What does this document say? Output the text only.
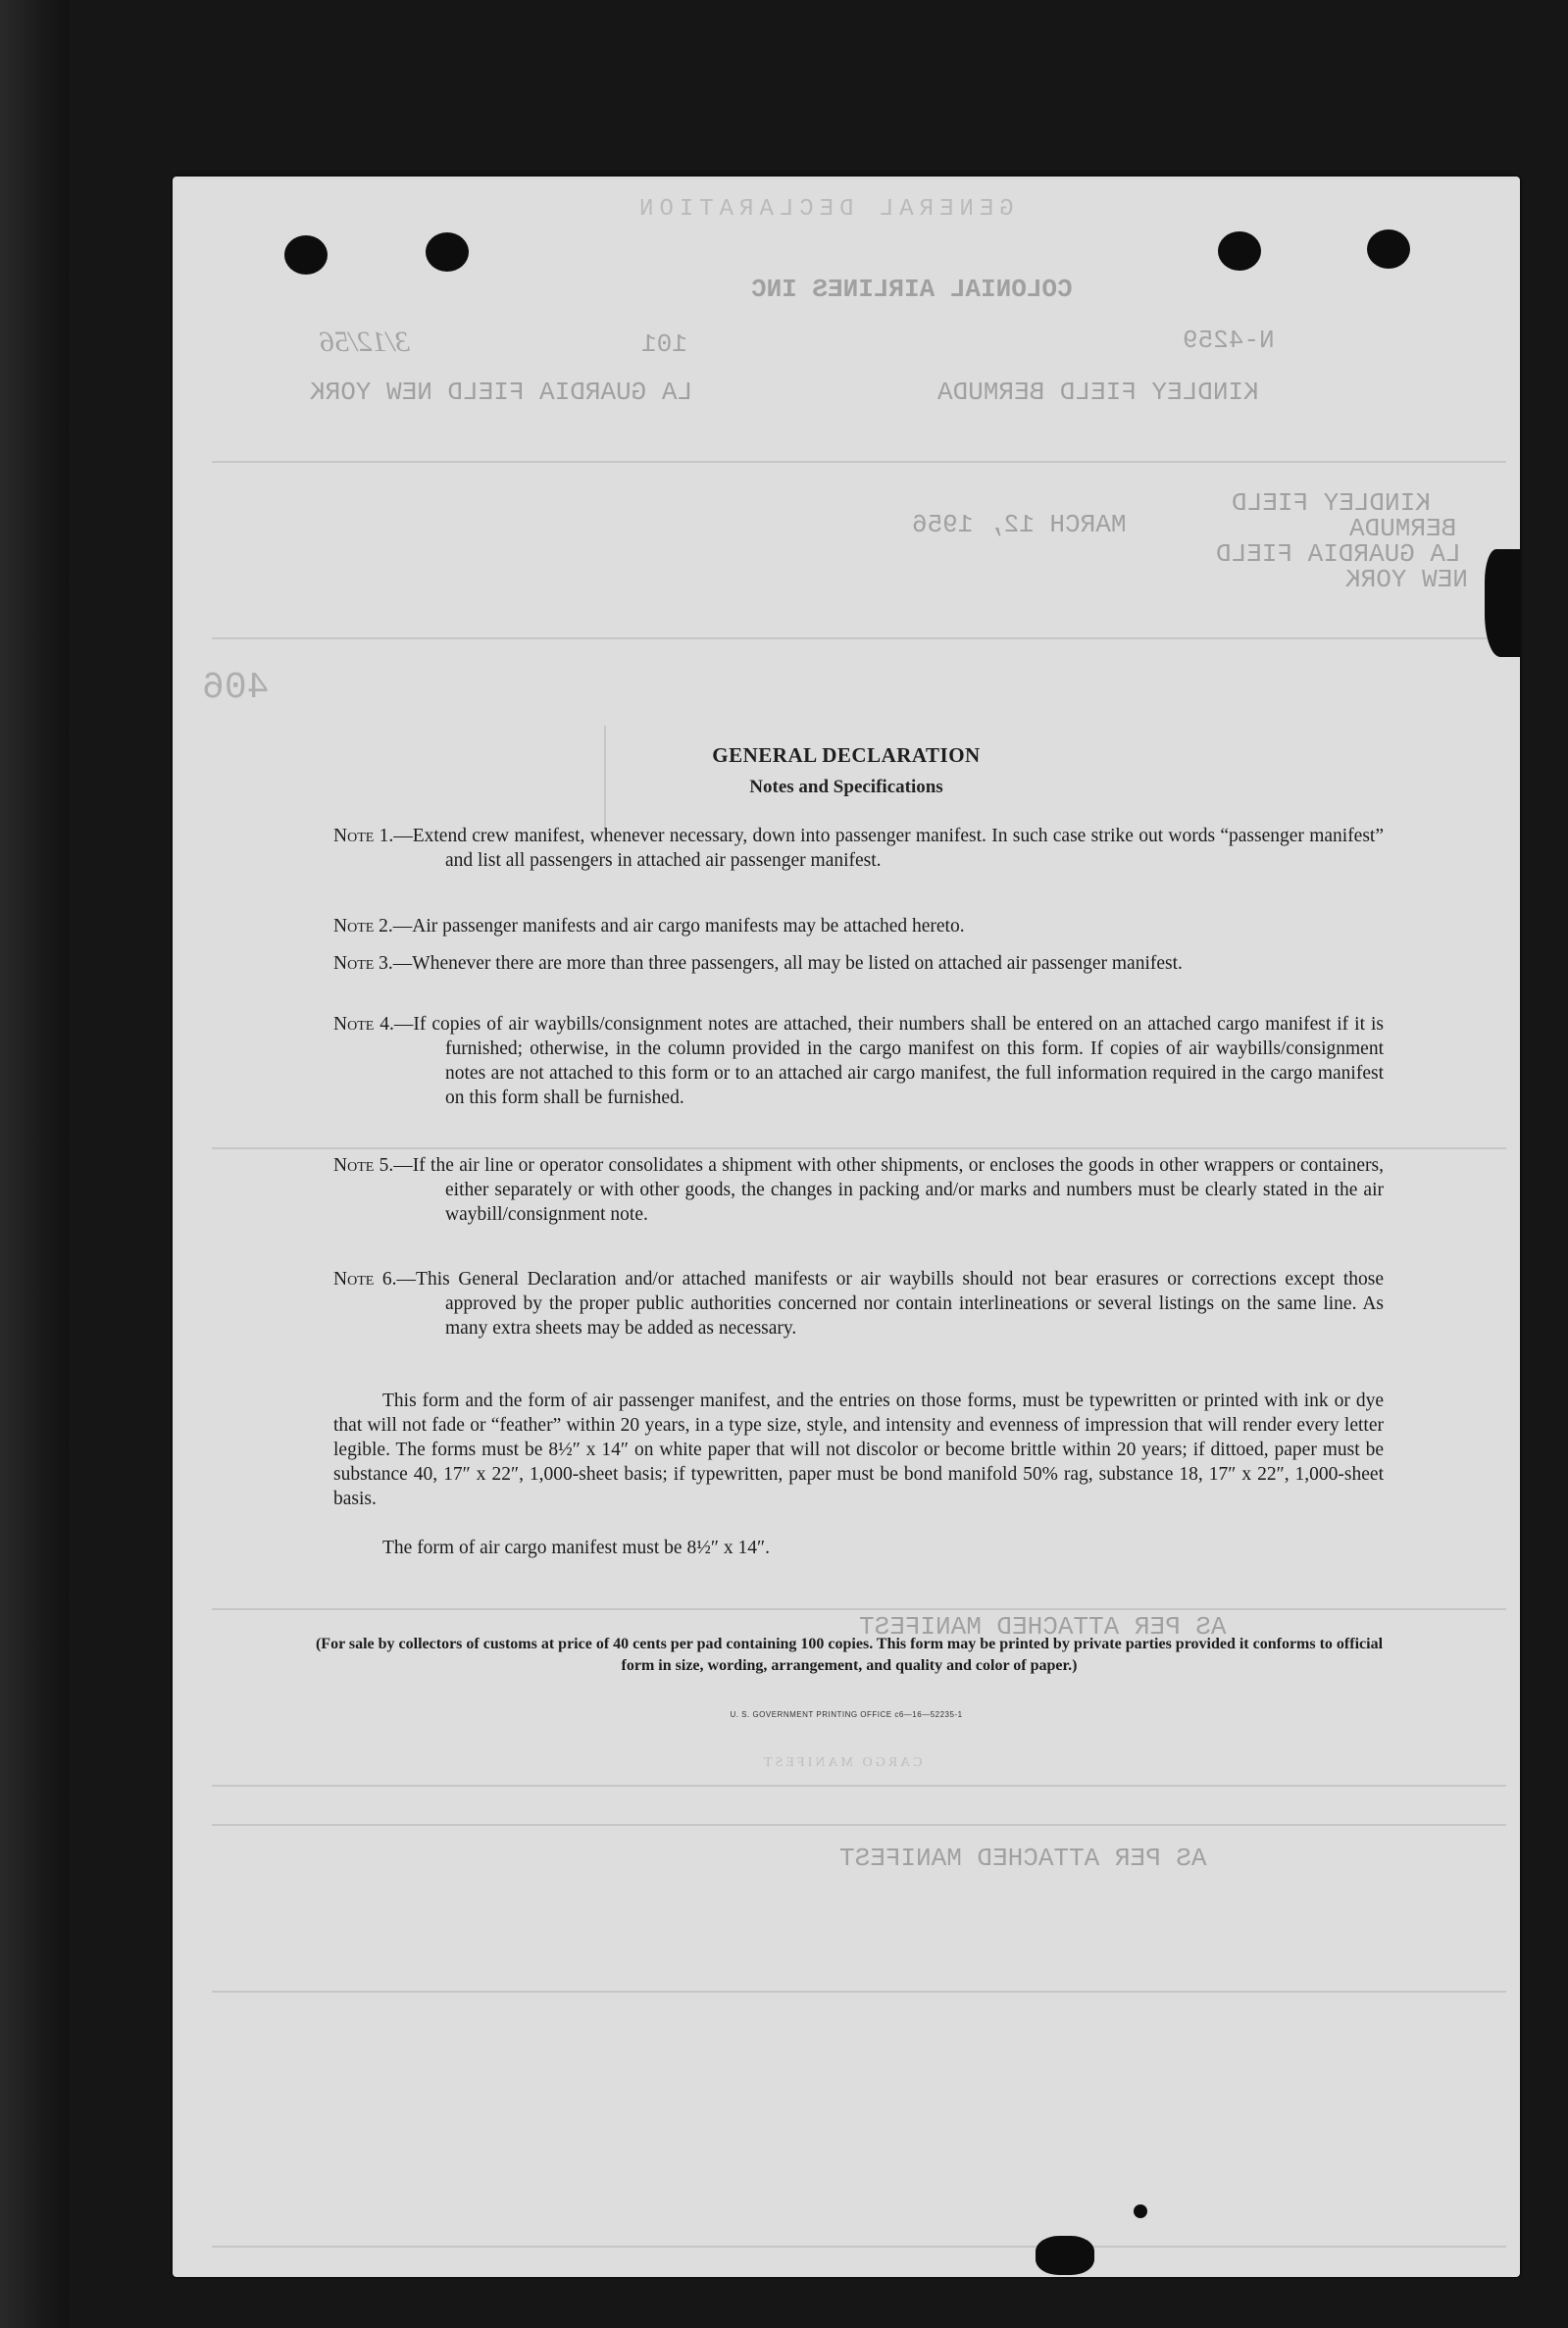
GENERAL DECLARATION
COLONIAL AIRLINES INC
N-4259
101
3/12/56
KINDLEY FIELD BERMUDA
LA GUARDIA FIELD NEW YORK
MARCH 12, 1956
KINDLEY FIELD
BERMUDA
LA GUARDIA FIELD
NEW YORK
406
AS PER ATTACHED MANIFEST
CARGO MANIFEST
AS PER ATTACHED MANIFEST
GENERAL DECLARATION
Notes and Specifications
Note 1.—Extend crew manifest, whenever necessary, down into passenger manifest. In such case strike out words “passenger manifest” and list all passengers in attached air passenger manifest.
Note 2.—Air passenger manifests and air cargo manifests may be attached hereto.
Note 3.—Whenever there are more than three passengers, all may be listed on attached air passenger manifest.
Note 4.—If copies of air waybills/consignment notes are attached, their numbers shall be entered on an attached cargo manifest if it is furnished; otherwise, in the column provided in the cargo manifest on this form. If copies of air waybills/consignment notes are not attached to this form or to an attached air cargo manifest, the full information required in the cargo manifest on this form shall be furnished.
Note 5.—If the air line or operator consolidates a shipment with other shipments, or encloses the goods in other wrappers or containers, either separately or with other goods, the changes in packing and/or marks and numbers must be clearly stated in the air waybill/consignment note.
Note 6.—This General Declaration and/or attached manifests or air waybills should not bear erasures or corrections except those approved by the proper public authorities concerned nor contain interlineations or several listings on the same line. As many extra sheets may be added as necessary.
This form and the form of air passenger manifest, and the entries on those forms, must be typewritten or printed with ink or dye that will not fade or “feather” within 20 years, in a type size, style, and intensity and evenness of impression that will render every letter legible. The forms must be 8½″ x 14″ on white paper that will not discolor or become brittle within 20 years; if dittoed, paper must be substance 40, 17″ x 22″, 1,000-sheet basis; if typewritten, paper must be bond manifold 50% rag, substance 18, 17″ x 22″, 1,000-sheet basis.
The form of air cargo manifest must be 8½″ x 14″.
(For sale by collectors of customs at price of 40 cents per pad containing 100 copies. This form may be printed by private parties provided it conforms to official form in size, wording, arrangement, and quality and color of paper.)
U. S. GOVERNMENT PRINTING OFFICE c6—16—52235-1
